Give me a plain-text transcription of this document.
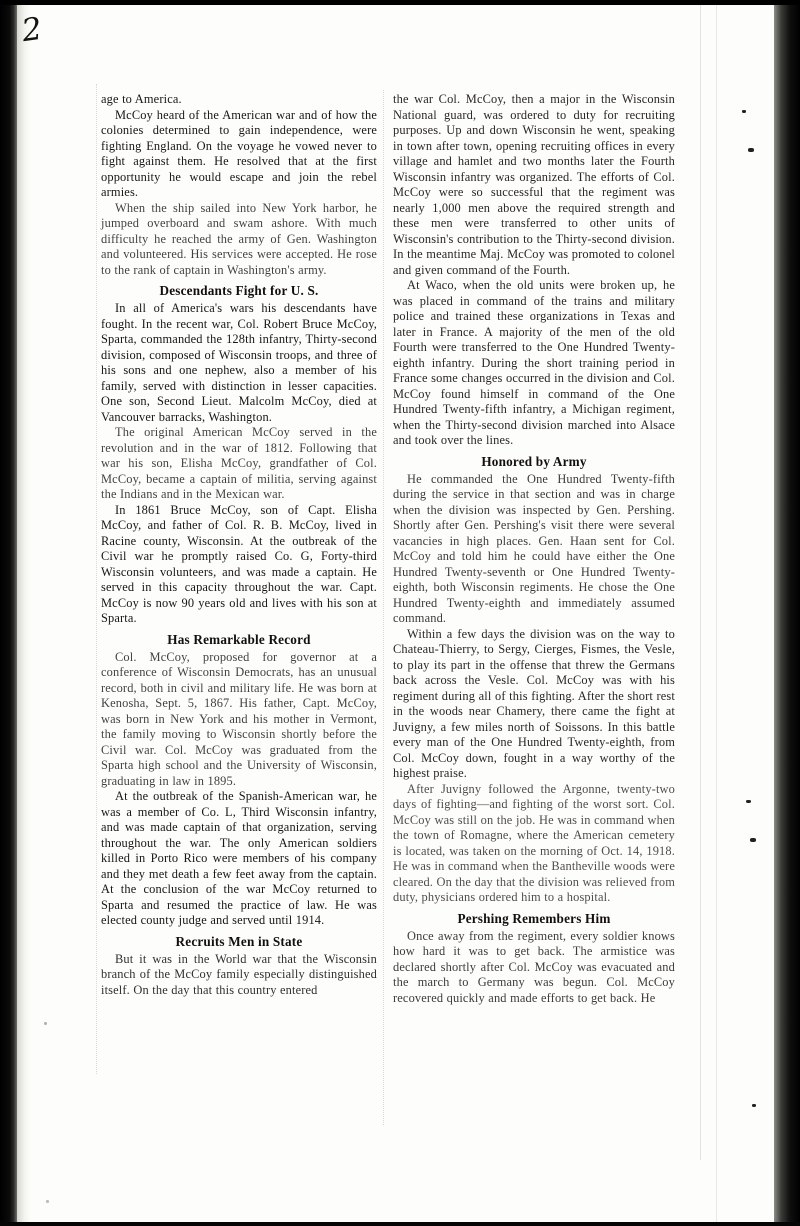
2

age to America.

McCoy heard of the American war and of how the colonies determined to gain independence, were fighting England. On the voyage he vowed never to fight against them. He resolved that at the first opportunity he would escape and join the rebel armies.

When the ship sailed into New York harbor, he jumped overboard and swam ashore. With much difficulty he reached the army of Gen. Washington and volunteered. His services were accepted. He rose to the rank of captain in Washington's army.

Descendants Fight for U. S.

In all of America's wars his descendants have fought. In the recent war, Col. Robert Bruce McCoy, Sparta, commanded the 128th infantry, Thirty-second division, composed of Wisconsin troops, and three of his sons and one nephew, also a member of his family, served with distinction in lesser capacities. One son, Second Lieut. Malcolm McCoy, died at Vancouver barracks, Washington.

The original American McCoy served in the revolution and in the war of 1812. Following that war his son, Elisha McCoy, grandfather of Col. McCoy, became a captain of militia, serving against the Indians and in the Mexican war.

In 1861 Bruce McCoy, son of Capt. Elisha McCoy, and father of Col. R. B. McCoy, lived in Racine county, Wisconsin. At the outbreak of the Civil war he promptly raised Co. G, Forty-third Wisconsin volunteers, and was made a captain. He served in this capacity throughout the war. Capt. McCoy is now 90 years old and lives with his son at Sparta.

Has Remarkable Record

Col. McCoy, proposed for governor at a conference of Wisconsin Democrats, has an unusual record, both in civil and military life. He was born at Kenosha, Sept. 5, 1867. His father, Capt. McCoy, was born in New York and his mother in Vermont, the family moving to Wisconsin shortly before the Civil war. Col. McCoy was graduated from the Sparta high school and the University of Wisconsin, graduating in law in 1895.

At the outbreak of the Spanish-American war, he was a member of Co. L, Third Wisconsin infantry, and was made captain of that organization, serving throughout the war. The only American soldiers killed in Porto Rico were members of his company and they met death a few feet away from the captain. At the conclusion of the war McCoy returned to Sparta and resumed the practice of law. He was elected county judge and served until 1914.

Recruits Men in State

But it was in the World war that the Wisconsin branch of the McCoy family especially distinguished itself. On the day that this country entered

the war Col. McCoy, then a major in the Wisconsin National guard, was ordered to duty for recruiting purposes. Up and down Wisconsin he went, speaking in town after town, opening recruiting offices in every village and hamlet and two months later the Fourth Wisconsin infantry was organized. The efforts of Col. McCoy were so successful that the regiment was nearly 1,000 men above the required strength and these men were transferred to other units of Wisconsin's contribution to the Thirty-second division. In the meantime Maj. McCoy was promoted to colonel and given command of the Fourth.

At Waco, when the old units were broken up, he was placed in command of the trains and military police and trained these organizations in Texas and later in France. A majority of the men of the old Fourth were transferred to the One Hundred Twenty-eighth infantry. During the short training period in France some changes occurred in the division and Col. McCoy found himself in command of the One Hundred Twenty-fifth infantry, a Michigan regiment, when the Thirty-second division marched into Alsace and took over the lines.

Honored by Army

He commanded the One Hundred Twenty-fifth during the service in that section and was in charge when the division was inspected by Gen. Pershing. Shortly after Gen. Pershing's visit there were several vacancies in high places. Gen. Haan sent for Col. McCoy and told him he could have either the One Hundred Twenty-seventh or One Hundred Twenty-eighth, both Wisconsin regiments. He chose the One Hundred Twenty-eighth and immediately assumed command.

Within a few days the division was on the way to Chateau-Thierry, to Sergy, Cierges, Fismes, the Vesle, to play its part in the offense that threw the Germans back across the Vesle. Col. McCoy was with his regiment during all of this fighting. After the short rest in the woods near Chamery, there came the fight at Juvigny, a few miles north of Soissons. In this battle every man of the One Hundred Twenty-eighth, from Col. McCoy down, fought in a way worthy of the highest praise.

After Juvigny followed the Argonne, twenty-two days of fighting—and fighting of the worst sort. Col. McCoy was still on the job. He was in command when the town of Romagne, where the American cemetery is located, was taken on the morning of Oct. 14, 1918. He was in command when the Bantheville woods were cleared. On the day that the division was relieved from duty, physicians ordered him to a hospital.

Pershing Remembers Him

Once away from the regiment, every soldier knows how hard it was to get back. The armistice was declared shortly after Col. McCoy was evacuated and the march to Germany was begun. Col. McCoy recovered quickly and made efforts to get back. He
